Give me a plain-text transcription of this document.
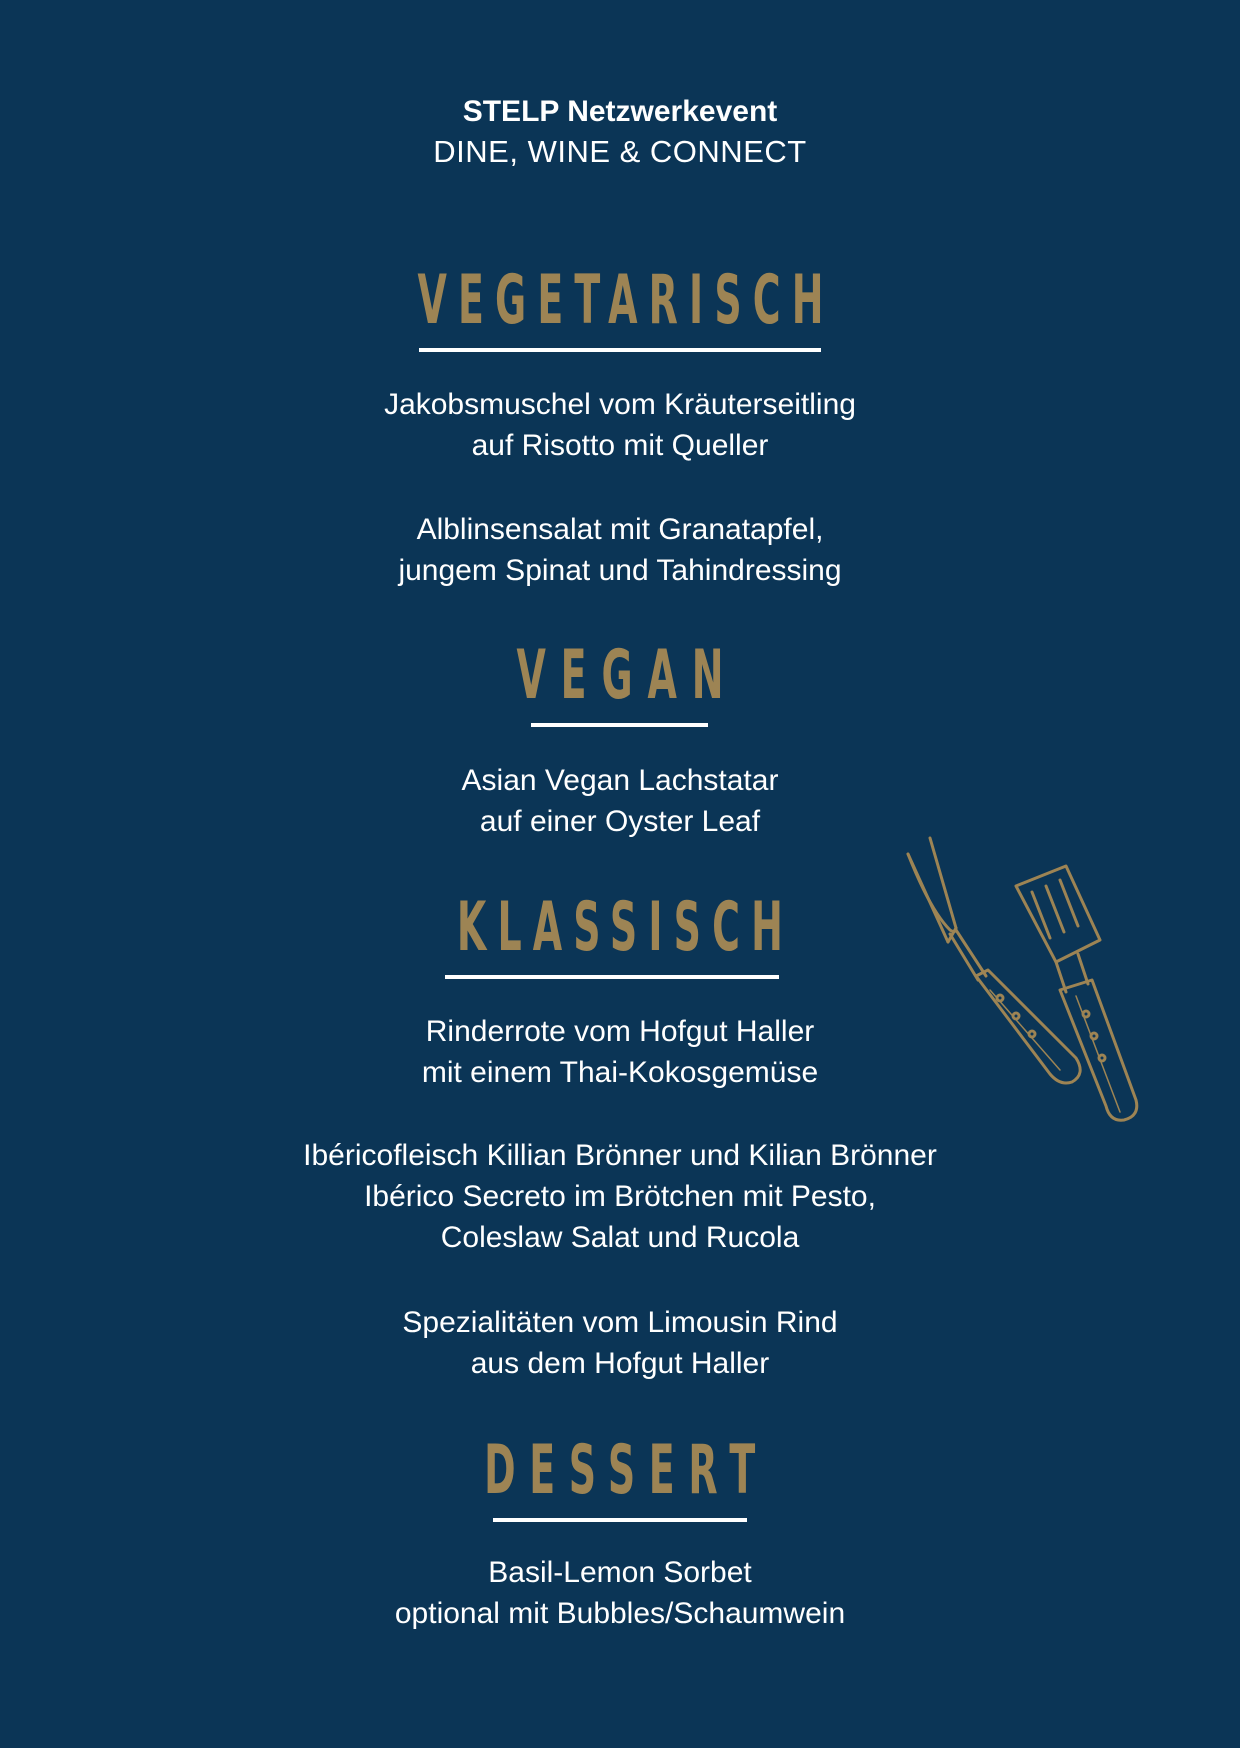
STELP Netzwerkevent
DINE, WINE & CONNECT
VEGETARISCH
Jakobsmuschel vom Kräuterseitling
auf Risotto mit Queller
Alblinsensalat mit Granatapfel,
jungem Spinat und Tahindressing
VEGAN
Asian Vegan Lachstatar
auf einer Oyster Leaf
KLASSISCH
Rinderrote vom Hofgut Haller
mit einem Thai-Kokosgemüse
Ibéricofleisch Killian Brönner und Kilian Brönner
Ibérico Secreto im Brötchen mit Pesto,
Coleslaw Salat und Rucola
Spezialitäten vom Limousin Rind
aus dem Hofgut Haller
DESSERT
Basil-Lemon Sorbet
optional mit Bubbles/Schaumwein
